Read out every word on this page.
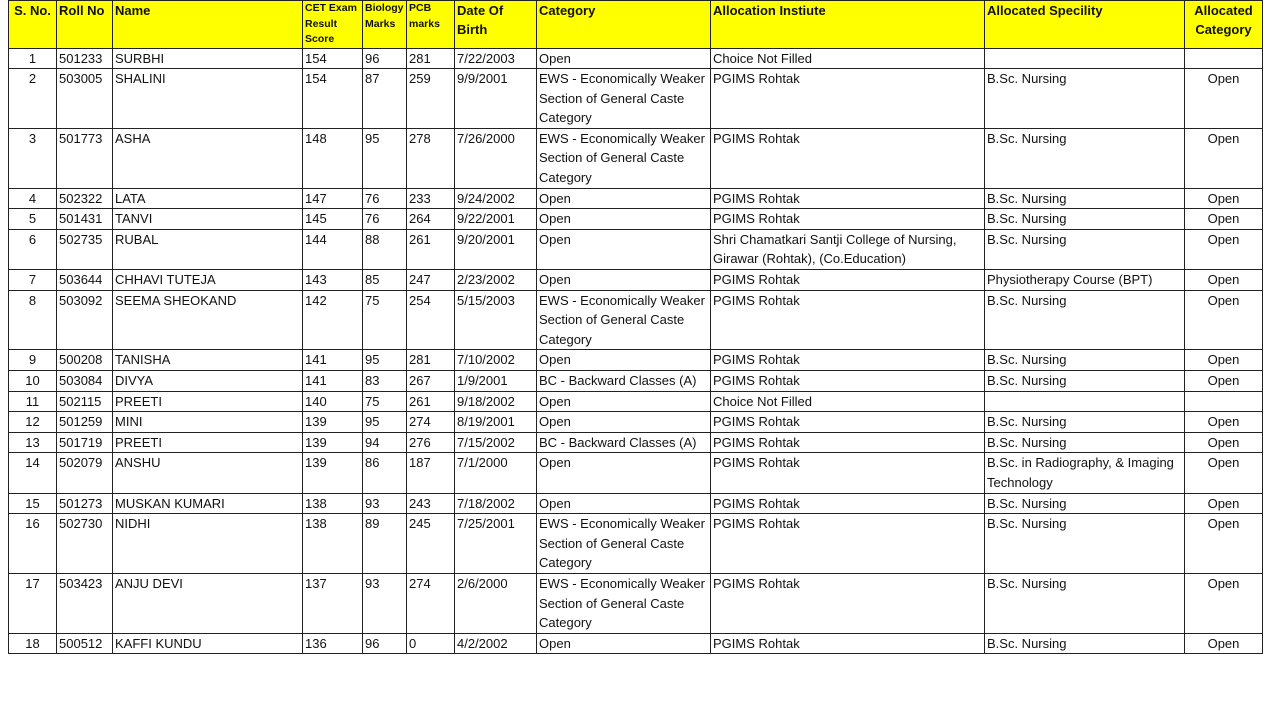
S. No.	Roll No	Name	CET Exam Result Score	Biology Marks	PCB marks	Date Of Birth	Category	Allocation Instiute	Allocated Specility	Allocated Category
1	501233	SURBHI	154	96	281	7/22/2003	Open	Choice Not Filled		
2	503005	SHALINI	154	87	259	9/9/2001	EWS - Economically Weaker Section of General Caste Category	PGIMS Rohtak	B.Sc. Nursing	Open
3	501773	ASHA	148	95	278	7/26/2000	EWS - Economically Weaker Section of General Caste Category	PGIMS Rohtak	B.Sc. Nursing	Open
4	502322	LATA	147	76	233	9/24/2002	Open	PGIMS Rohtak	B.Sc. Nursing	Open
5	501431	TANVI	145	76	264	9/22/2001	Open	PGIMS Rohtak	B.Sc. Nursing	Open
6	502735	RUBAL	144	88	261	9/20/2001	Open	Shri Chamatkari Santji College of Nursing, Girawar (Rohtak), (Co.Education)	B.Sc. Nursing	Open
7	503644	CHHAVI TUTEJA	143	85	247	2/23/2002	Open	PGIMS Rohtak	Physiotherapy Course (BPT)	Open
8	503092	SEEMA SHEOKAND	142	75	254	5/15/2003	EWS - Economically Weaker Section of General Caste Category	PGIMS Rohtak	B.Sc. Nursing	Open
9	500208	TANISHA	141	95	281	7/10/2002	Open	PGIMS Rohtak	B.Sc. Nursing	Open
10	503084	DIVYA	141	83	267	1/9/2001	BC - Backward Classes (A)	PGIMS Rohtak	B.Sc. Nursing	Open
11	502115	PREETI	140	75	261	9/18/2002	Open	Choice Not Filled		
12	501259	MINI	139	95	274	8/19/2001	Open	PGIMS Rohtak	B.Sc. Nursing	Open
13	501719	PREETI	139	94	276	7/15/2002	BC - Backward Classes (A)	PGIMS Rohtak	B.Sc. Nursing	Open
14	502079	ANSHU	139	86	187	7/1/2000	Open	PGIMS Rohtak	B.Sc. in Radiography, & Imaging Technology	Open
15	501273	MUSKAN KUMARI	138	93	243	7/18/2002	Open	PGIMS Rohtak	B.Sc. Nursing	Open
16	502730	NIDHI	138	89	245	7/25/2001	EWS - Economically Weaker Section of General Caste Category	PGIMS Rohtak	B.Sc. Nursing	Open
17	503423	ANJU DEVI	137	93	274	2/6/2000	EWS - Economically Weaker Section of General Caste Category	PGIMS Rohtak	B.Sc. Nursing	Open
18	500512	KAFFI KUNDU	136	96	0	4/2/2002	Open	PGIMS Rohtak	B.Sc. Nursing	Open
